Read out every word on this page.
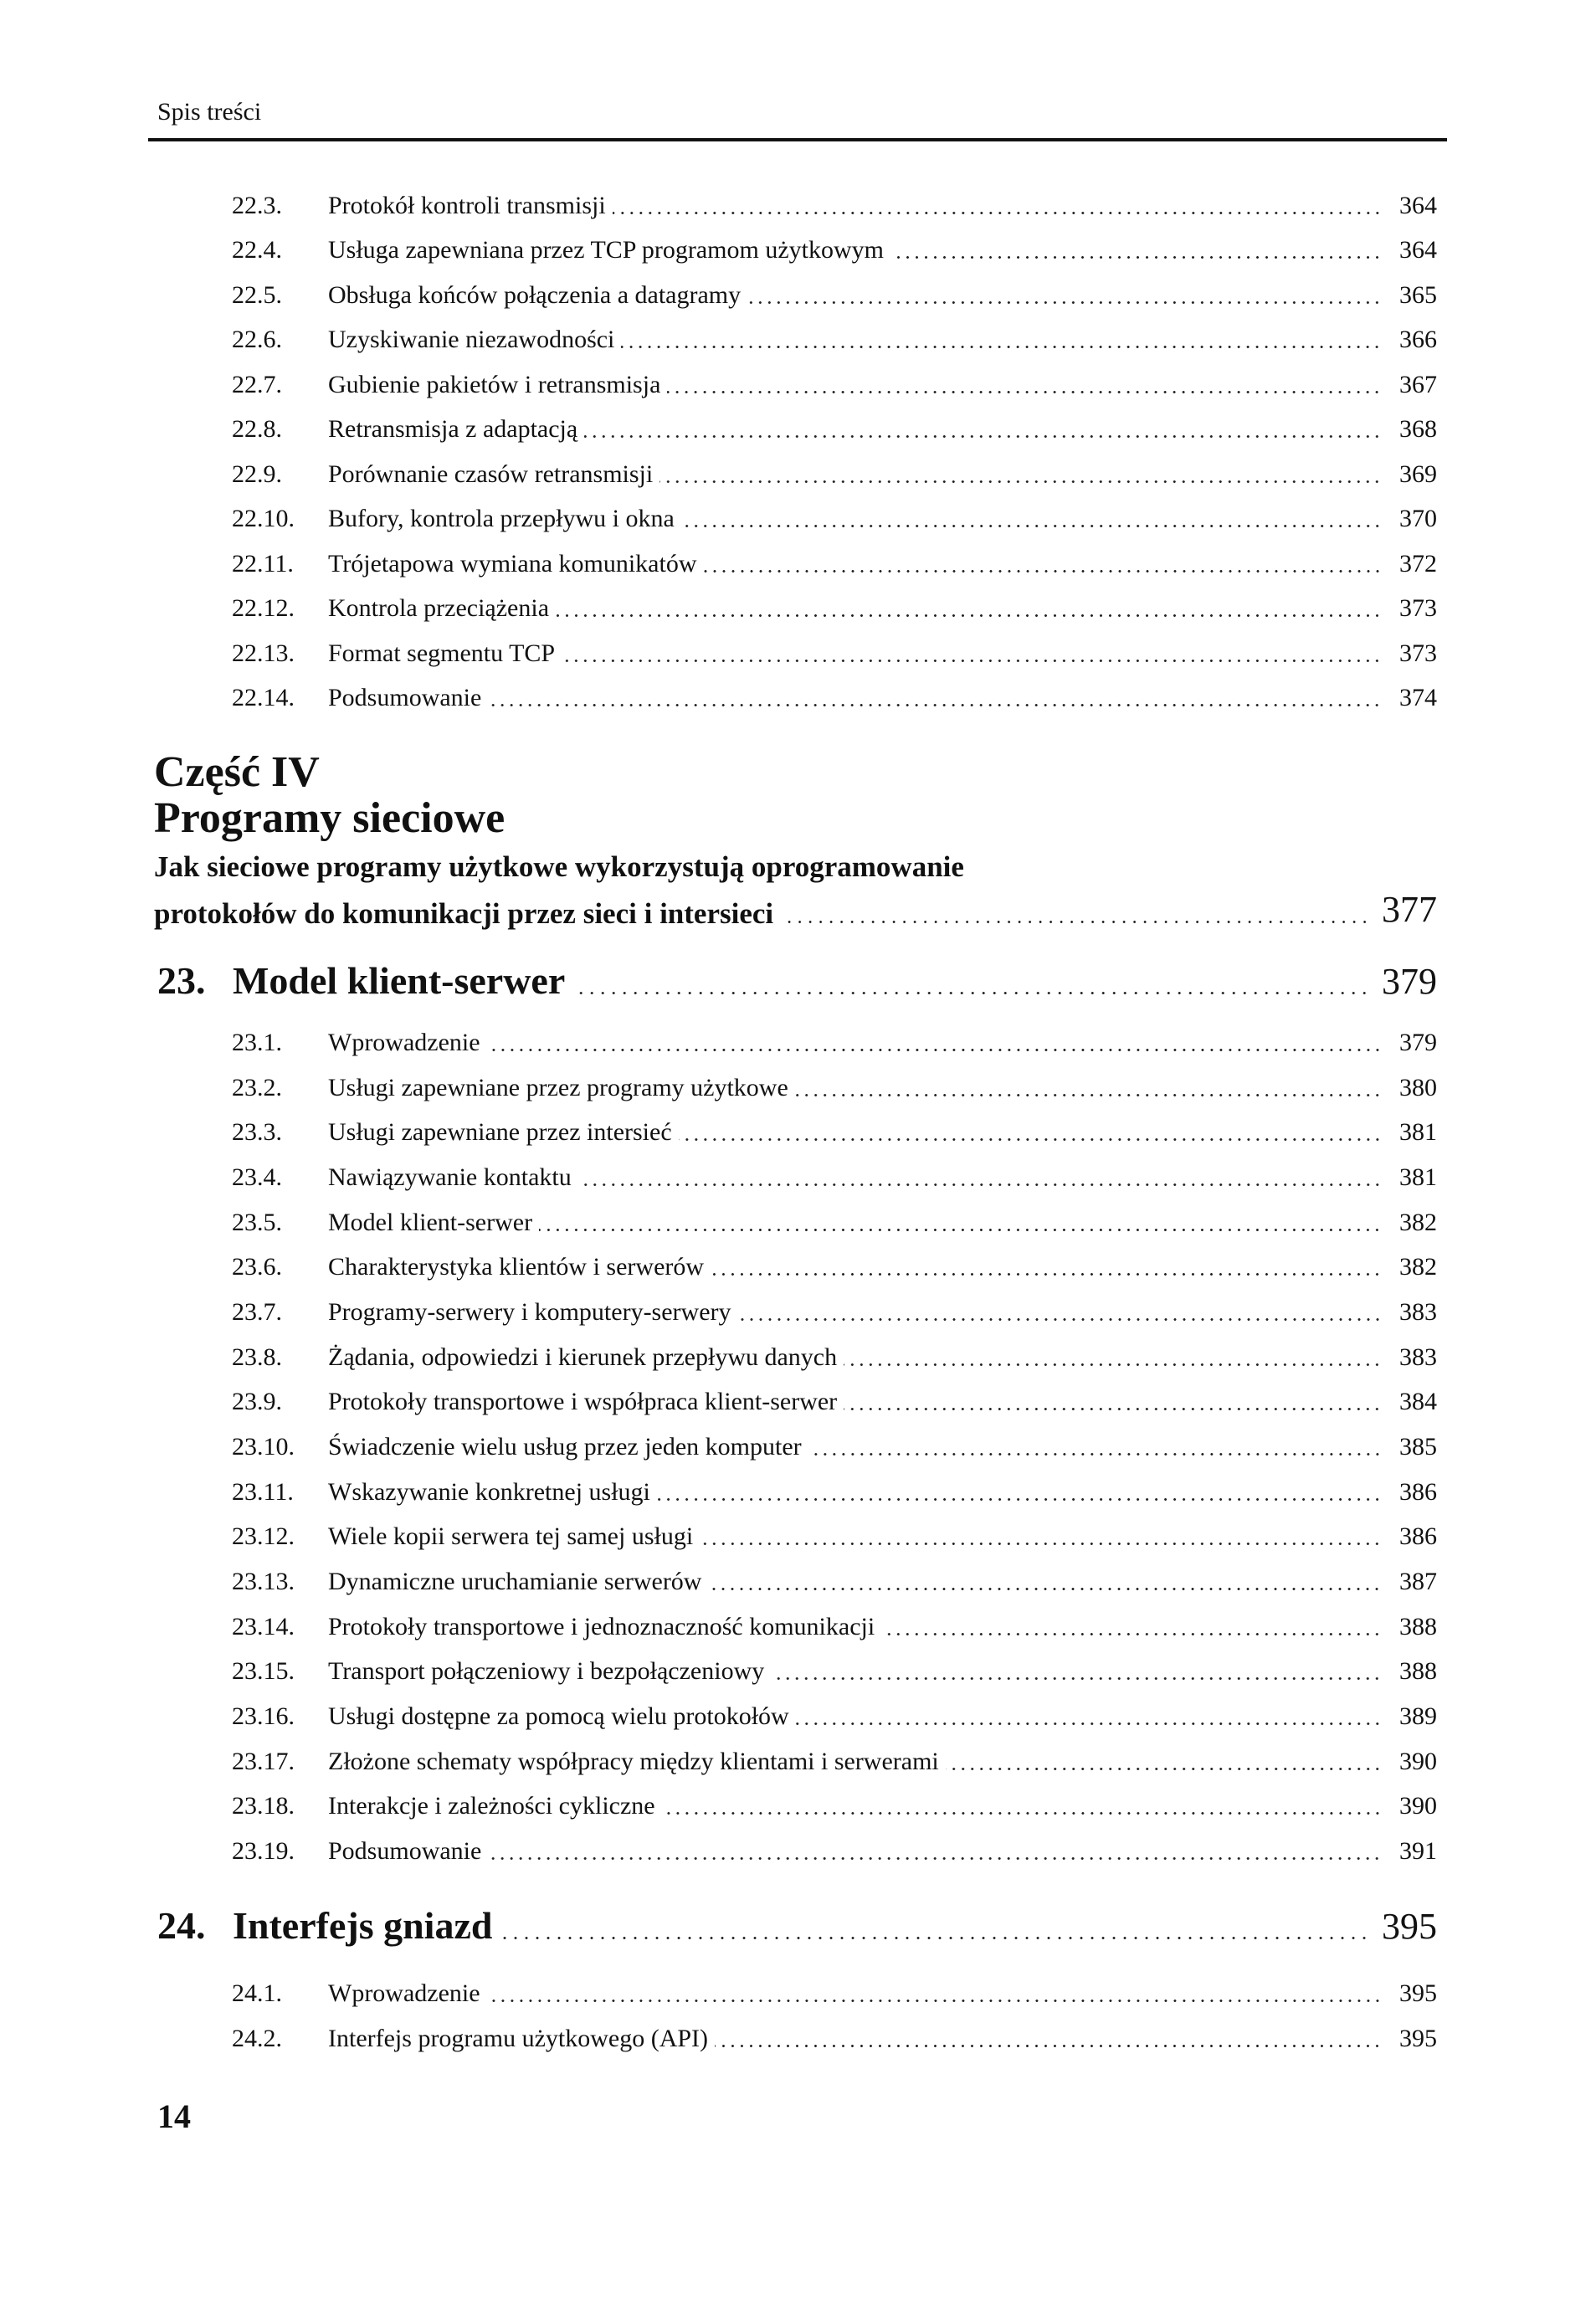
Spis treści
22.3.	Protokół kontroli transmisji	364
22.4.	Usługa zapewniana przez TCP programom użytkowym	364
22.5.	Obsługa końców połączenia a datagramy	365
22.6.	Uzyskiwanie niezawodności	366
22.7.	Gubienie pakietów i retransmisja	367
22.8.	Retransmisja z adaptacją	368
22.9.	Porównanie czasów retransmisji	369
22.10.	Bufory, kontrola przepływu i okna	370
22.11.	Trójetapowa wymiana komunikatów	372
22.12.	Kontrola przeciążenia	373
22.13.	Format segmentu TCP	373
22.14.	Podsumowanie	374
Część IV
Programy sieciowe
Jak sieciowe programy użytkowe wykorzystują oprogramowanie
protokołów do komunikacji przez sieci i intersieci	377
23. Model klient-serwer	379
23.1.	Wprowadzenie	379
23.2.	Usługi zapewniane przez programy użytkowe	380
23.3.	Usługi zapewniane przez intersieć	381
23.4.	Nawiązywanie kontaktu	381
23.5.	Model klient-serwer	382
23.6.	Charakterystyka klientów i serwerów	382
23.7.	Programy-serwery i komputery-serwery	383
23.8.	Żądania, odpowiedzi i kierunek przepływu danych	383
23.9.	Protokoły transportowe i współpraca klient-serwer	384
23.10.	Świadczenie wielu usług przez jeden komputer	385
23.11.	Wskazywanie konkretnej usługi	386
23.12.	Wiele kopii serwera tej samej usługi	386
23.13.	Dynamiczne uruchamianie serwerów	387
23.14.	Protokoły transportowe i jednoznaczność komunikacji	388
23.15.	Transport połączeniowy i bezpołączeniowy	388
23.16.	Usługi dostępne za pomocą wielu protokołów	389
23.17.	Złożone schematy współpracy między klientami i serwerami	390
23.18.	Interakcje i zależności cykliczne	390
23.19.	Podsumowanie	391
24. Interfejs gniazd	395
24.1.	Wprowadzenie	395
24.2.	Interfejs programu użytkowego (API)	395
14
